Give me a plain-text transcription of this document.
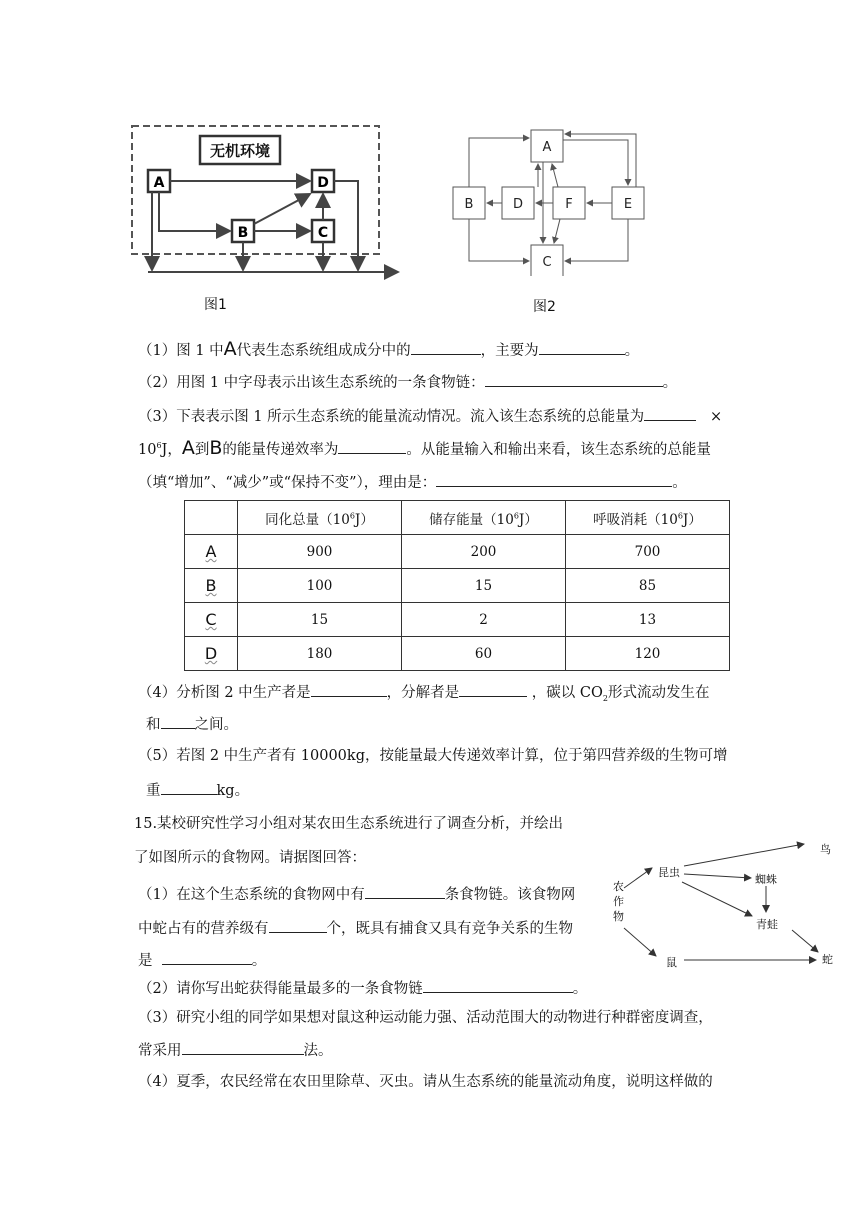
无机环境
A	D
B	C
图1
A
B	D	F	E
C
图2
（1）图 1 中A代表生态系统组成成分中的	，主要为	。
（2）用图 1 中字母表示出该生态系统的一条食物链：	。
（3）下表表示图 1 所示生态系统的能量流动情况。流入该生态系统的总能量为	×
$10^6J$，A到B的能量传递效率为	。从能量输入和输出来看，该生态系统的总能量
（填“增加”、“减少”或“保持不变”），理由是：	。
	同化总量$(10^6J)$	储存能量$(10^6J)$	呼吸消耗$(10^6J)$
A	900	200	700
B	100	15	85
C	15	2	13
D	180	60	120
（4）分析图 2 中生产者是	，分解者是	，碳以 $CO_2$形式流动发生在
和 之间。
（5）若图 2 中生产者有 10000kg，按能量最大传递效率计算，位于第四营养级的生物可增
重	kg。
15.某校研究性学习小组对某农田生态系统进行了调查分析，并绘出
了如图所示的食物网。请据图回答：
（1）在这个生态系统的食物网中有	条食物链。该食物网
中蛇占有的营养级有	个，既具有捕食又具有竞争关系的生物
是	。
（2）请你写出蛇获得能量最多的一条食物链	。
（3）研究小组的同学如果想对鼠这种运动能力强、活动范围大的动物进行种群密度调查，
常采用	法。
（4）夏季，农民经常在农田里除草、灭虫。请从生态系统的能量流动角度，说明这样做的
农
作
物
昆虫
鸟
蜘蛛
青蛙
鼠	蛇
